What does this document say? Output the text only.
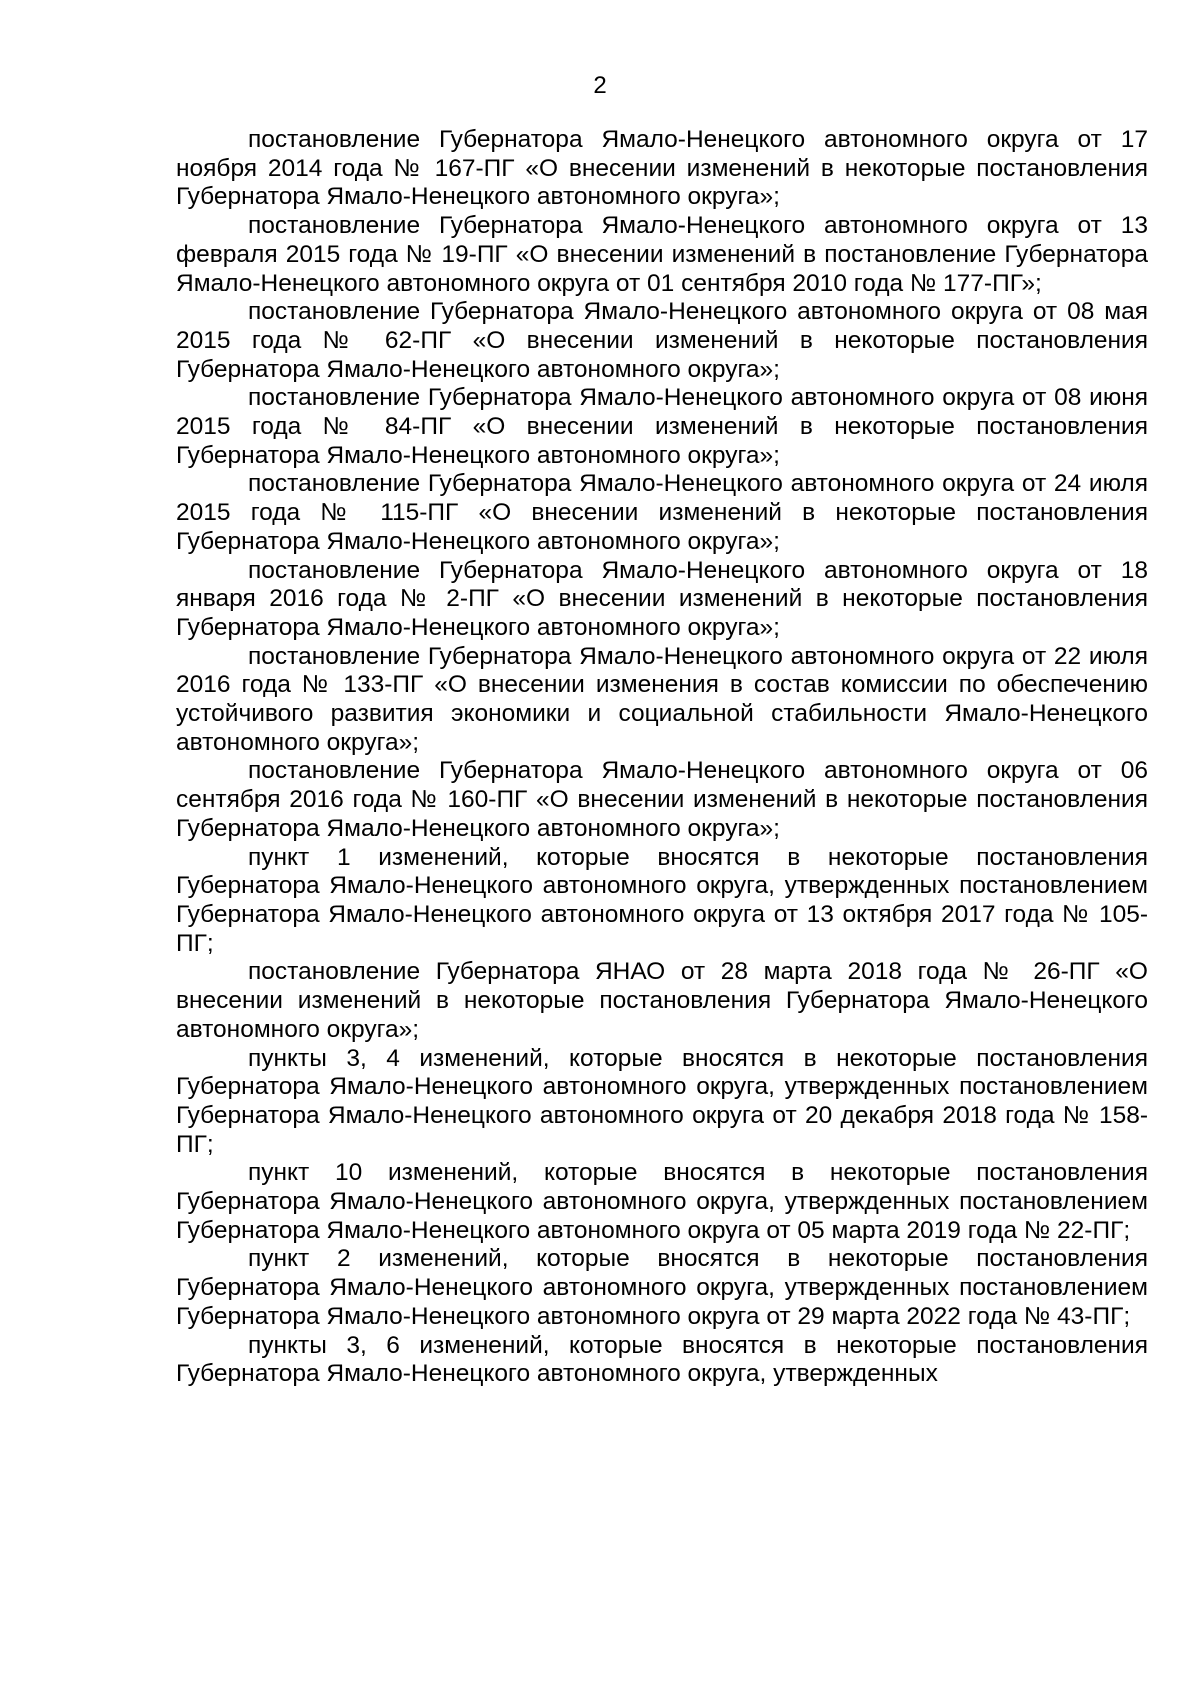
2

постановление Губернатора Ямало-Ненецкого автономного округа от 17 ноября 2014 года № 167-ПГ «О внесении изменений в некоторые постановления Губернатора Ямало-Ненецкого автономного округа»;

постановление Губернатора Ямало-Ненецкого автономного округа от 13 февраля 2015 года № 19-ПГ «О внесении изменений в постановление Губернатора Ямало-Ненецкого автономного округа от 01 сентября 2010 года № 177-ПГ»;

постановление Губернатора Ямало-Ненецкого автономного округа от 08 мая 2015 года № 62-ПГ «О внесении изменений в некоторые постановления Губернатора Ямало-Ненецкого автономного округа»;

постановление Губернатора Ямало-Ненецкого автономного округа от 08 июня 2015 года № 84-ПГ «О внесении изменений в некоторые постановления Губернатора Ямало-Ненецкого автономного округа»;

постановление Губернатора Ямало-Ненецкого автономного округа от 24 июля 2015 года № 115-ПГ «О внесении изменений в некоторые постановления Губернатора Ямало-Ненецкого автономного округа»;

постановление Губернатора Ямало-Ненецкого автономного округа от 18 января 2016 года № 2-ПГ «О внесении изменений в некоторые постановления Губернатора Ямало-Ненецкого автономного округа»;

постановление Губернатора Ямало-Ненецкого автономного округа от 22 июля 2016 года № 133-ПГ «О внесении изменения в состав комиссии по обеспечению устойчивого развития экономики и социальной стабильности Ямало-Ненецкого автономного округа»;

постановление Губернатора Ямало-Ненецкого автономного округа от 06 сентября 2016 года № 160-ПГ «О внесении изменений в некоторые постановления Губернатора Ямало-Ненецкого автономного округа»;

пункт 1 изменений, которые вносятся в некоторые постановления Губернатора Ямало-Ненецкого автономного округа, утвержденных постановлением Губернатора Ямало-Ненецкого автономного округа от 13 октября 2017 года № 105-ПГ;

постановление Губернатора ЯНАО от 28 марта 2018 года № 26-ПГ «О внесении изменений в некоторые постановления Губернатора Ямало-Ненецкого автономного округа»;

пункты 3, 4 изменений, которые вносятся в некоторые постановления Губернатора Ямало-Ненецкого автономного округа, утвержденных постановлением Губернатора Ямало-Ненецкого автономного округа от 20 декабря 2018 года № 158-ПГ;

пункт 10 изменений, которые вносятся в некоторые постановления Губернатора Ямало-Ненецкого автономного округа, утвержденных постановлением Губернатора Ямало-Ненецкого автономного округа от 05 марта 2019 года № 22-ПГ;

пункт 2 изменений, которые вносятся в некоторые постановления Губернатора Ямало-Ненецкого автономного округа, утвержденных постановлением Губернатора Ямало-Ненецкого автономного округа от 29 марта 2022 года № 43-ПГ;

пункты 3, 6 изменений, которые вносятся в некоторые постановления Губернатора Ямало-Ненецкого автономного округа, утвержденных
